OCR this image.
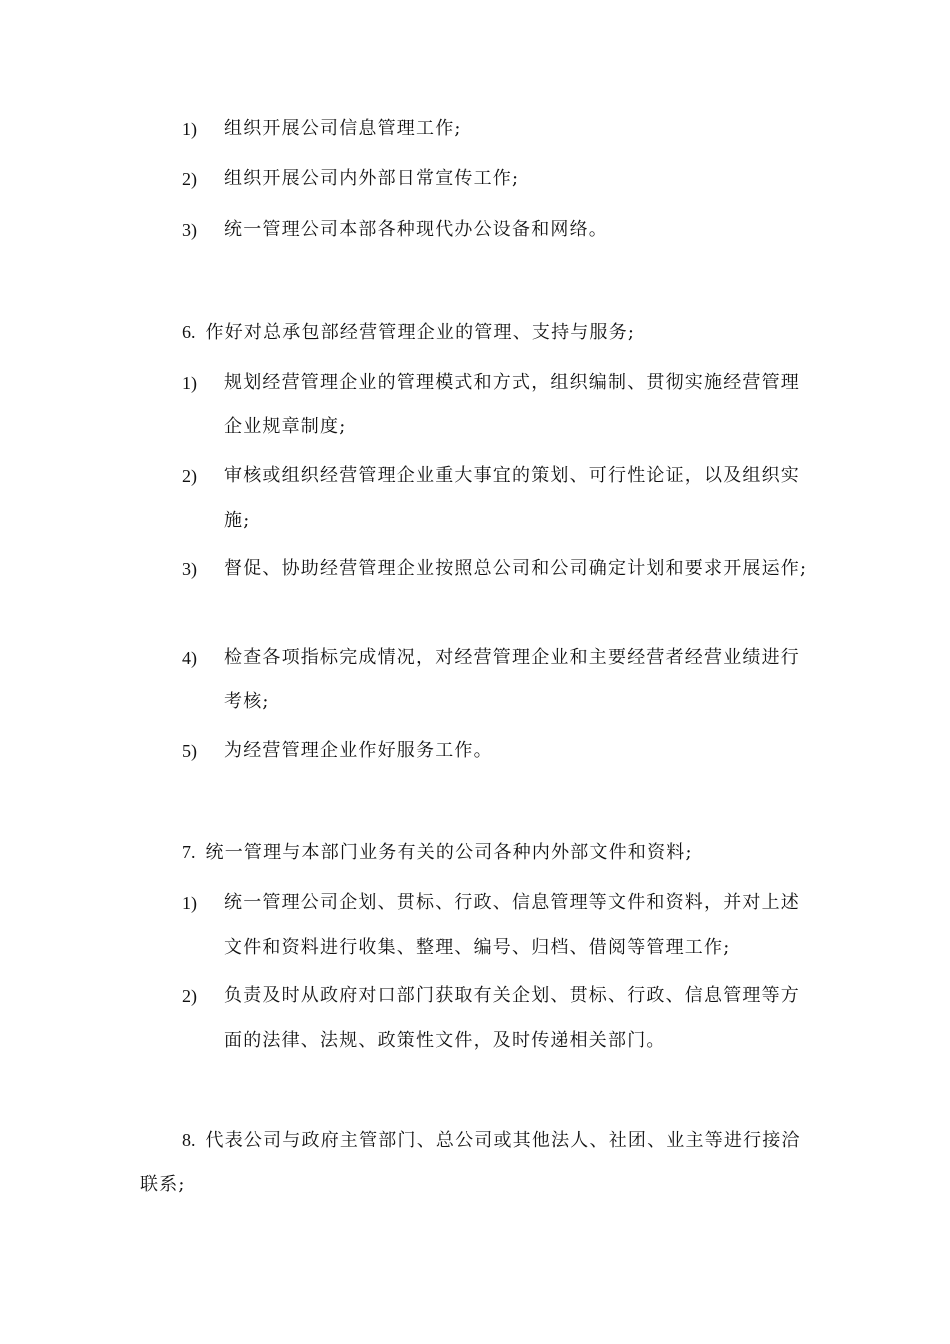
1) 组织开展公司信息管理工作;
2) 组织开展公司内外部日常宣传工作;
3) 统一管理公司本部各种现代办公设备和网络。
6. 作好对总承包部经营管理企业的管理、支持与服务;
1) 规划经营管理企业的管理模式和方式，组织编制、贯彻实施经营管理
企业规章制度;
2) 审核或组织经营管理企业重大事宜的策划、可行性论证，以及组织实
施;
3) 督促、协助经营管理企业按照总公司和公司确定计划和要求开展运作;
4) 检查各项指标完成情况，对经营管理企业和主要经营者经营业绩进行
考核;
5) 为经营管理企业作好服务工作。
7. 统一管理与本部门业务有关的公司各种内外部文件和资料;
1) 统一管理公司企划、贯标、行政、信息管理等文件和资料，并对上述
文件和资料进行收集、整理、编号、归档、借阅等管理工作;
2) 负责及时从政府对口部门获取有关企划、贯标、行政、信息管理等方
面的法律、法规、政策性文件，及时传递相关部门。
8. 代表公司与政府主管部门、总公司或其他法人、社团、业主等进行接洽
联系;
